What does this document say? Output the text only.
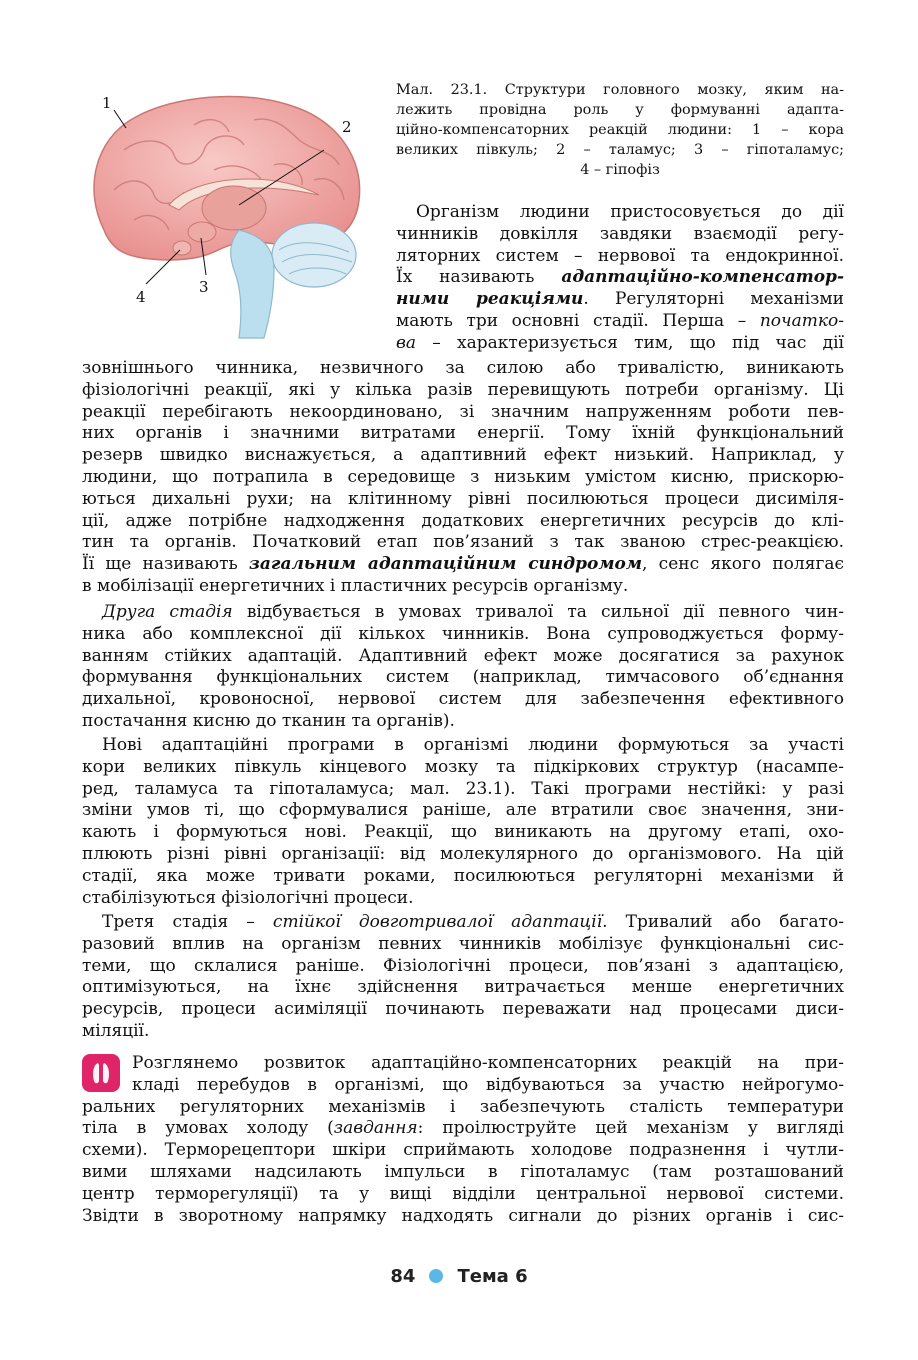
1
2
3
4
Мал. 23.1. Структури головного мозку, яким на-
лежить провідна роль у формуванні адапта-
ційно-компенсаторних реакцій людини: 1 – кора
великих півкуль; 2 – таламус; 3 – гіпоталамус;
4 – гіпофіз
Організм людини пристосовується до дії
чинників довкілля завдяки взаємодії регу-
ляторних систем – нервової та ендокринної.
Їх називають адаптаційно-компенсатор-
ними реакціями. Регуляторні механізми
мають три основні стадії. Перша – початко-
ва – характеризується тим, що під час дії
зовнішнього чинника, незвичного за силою або тривалістю, виникають
фізіологічні реакції, які у кілька разів перевищують потреби організму. Ці
реакції перебігають некоординовано, зі значним напруженням роботи пев-
них органів і значними витратами енергії. Тому їхній функціональний
резерв швидко виснажується, а адаптивний ефект низький. Наприклад, у
людини, що потрапила в середовище з низьким умістом кисню, прискорю-
ються дихальні рухи; на клітинному рівні посилюються процеси дисиміля-
ції, адже потрібне надходження додаткових енергетичних ресурсів до клі-
тин та органів. Початковий етап пов’язаний з так званою стрес-реакцією.
Її ще називають загальним адаптаційним синдромом, сенс якого полягає
в мобілізації енергетичних і пластичних ресурсів організму.
Друга стадія відбувається в умовах тривалої та сильної дії певного чин-
ника або комплексної дії кількох чинників. Вона супроводжується форму-
ванням стійких адаптацій. Адаптивний ефект може досягатися за рахунок
формування функціональних систем (наприклад, тимчасового об’єднання
дихальної, кровоносної, нервової систем для забезпечення ефективного
постачання кисню до тканин та органів).
Нові адаптаційні програми в організмі людини формуються за участі
кори великих півкуль кінцевого мозку та підкіркових структур (насампе-
ред, таламуса та гіпоталамуса; мал. 23.1). Такі програми нестійкі: у разі
зміни умов ті, що сформувалися раніше, але втратили своє значення, зни-
кають і формуються нові. Реакції, що виникають на другому етапі, охо-
плюють різні рівні організації: від молекулярного до організмового. На цій
стадії, яка може тривати роками, посилюються регуляторні механізми й
стабілізуються фізіологічні процеси.
Третя стадія – стійкої довготривалої адаптації. Тривалий або багато-
разовий вплив на організм певних чинників мобілізує функціональні сис-
теми, що склалися раніше. Фізіологічні процеси, пов’язані з адаптацією,
оптимізуються, на їхнє здійснення витрачається менше енергетичних
ресурсів, процеси асиміляції починають переважати над процесами диси-
міляції.
Розглянемо розвиток адаптаційно-компенсаторних реакцій на при-
кладі перебудов в організмі, що відбуваються за участю нейрогумо-
ральних регуляторних механізмів і забезпечують сталість температури
тіла в умовах холоду (завдання: проілюструйте цей механізм у вигляді
схеми). Терморецептори шкіри сприймають холодове подразнення і чутли-
вими шляхами надсилають імпульси в гіпоталамус (там розташований
центр терморегуляції) та у вищі відділи центральної нервової системи.
Звідти в зворотному напрямку надходять сигнали до різних органів і сис-
84 Тема 6
